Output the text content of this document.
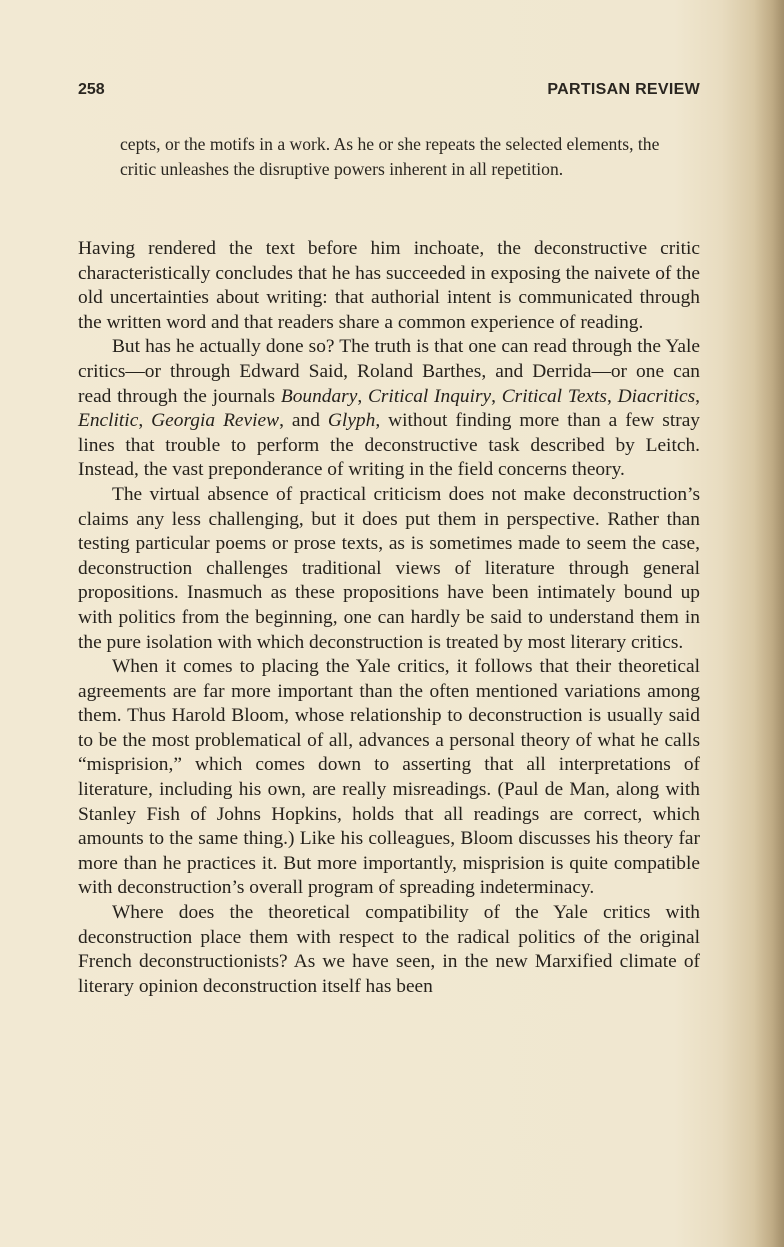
258	PARTISAN REVIEW

cepts, or the motifs in a work. As he or she repeats the selected elements, the critic unleashes the disruptive powers inherent in all repetition.

Having rendered the text before him inchoate, the deconstructive critic characteristically concludes that he has succeeded in exposing the naivete of the old uncertainties about writing: that authorial intent is communicated through the written word and that readers share a common experience of reading.

But has he actually done so? The truth is that one can read through the Yale critics—or through Edward Said, Roland Barthes, and Derrida—or one can read through the journals Boundary, Critical Inquiry, Critical Texts, Diacritics, Enclitic, Georgia Review, and Glyph, without finding more than a few stray lines that trouble to perform the deconstructive task described by Leitch. Instead, the vast preponderance of writing in the field concerns theory.

The virtual absence of practical criticism does not make deconstruction’s claims any less challenging, but it does put them in perspective. Rather than testing particular poems or prose texts, as is sometimes made to seem the case, deconstruction challenges traditional views of literature through general propositions. Inasmuch as these propositions have been intimately bound up with politics from the beginning, one can hardly be said to understand them in the pure isolation with which deconstruction is treated by most literary critics.

When it comes to placing the Yale critics, it follows that their theoretical agreements are far more important than the often mentioned variations among them. Thus Harold Bloom, whose relationship to deconstruction is usually said to be the most problematical of all, advances a personal theory of what he calls “misprision,” which comes down to asserting that all interpretations of literature, including his own, are really misreadings. (Paul de Man, along with Stanley Fish of Johns Hopkins, holds that all readings are correct, which amounts to the same thing.) Like his colleagues, Bloom discusses his theory far more than he practices it. But more importantly, misprision is quite compatible with deconstruction’s overall program of spreading indeterminacy.

Where does the theoretical compatibility of the Yale critics with deconstruction place them with respect to the radical politics of the original French deconstructionists? As we have seen, in the new Marxified climate of literary opinion deconstruction itself has been
